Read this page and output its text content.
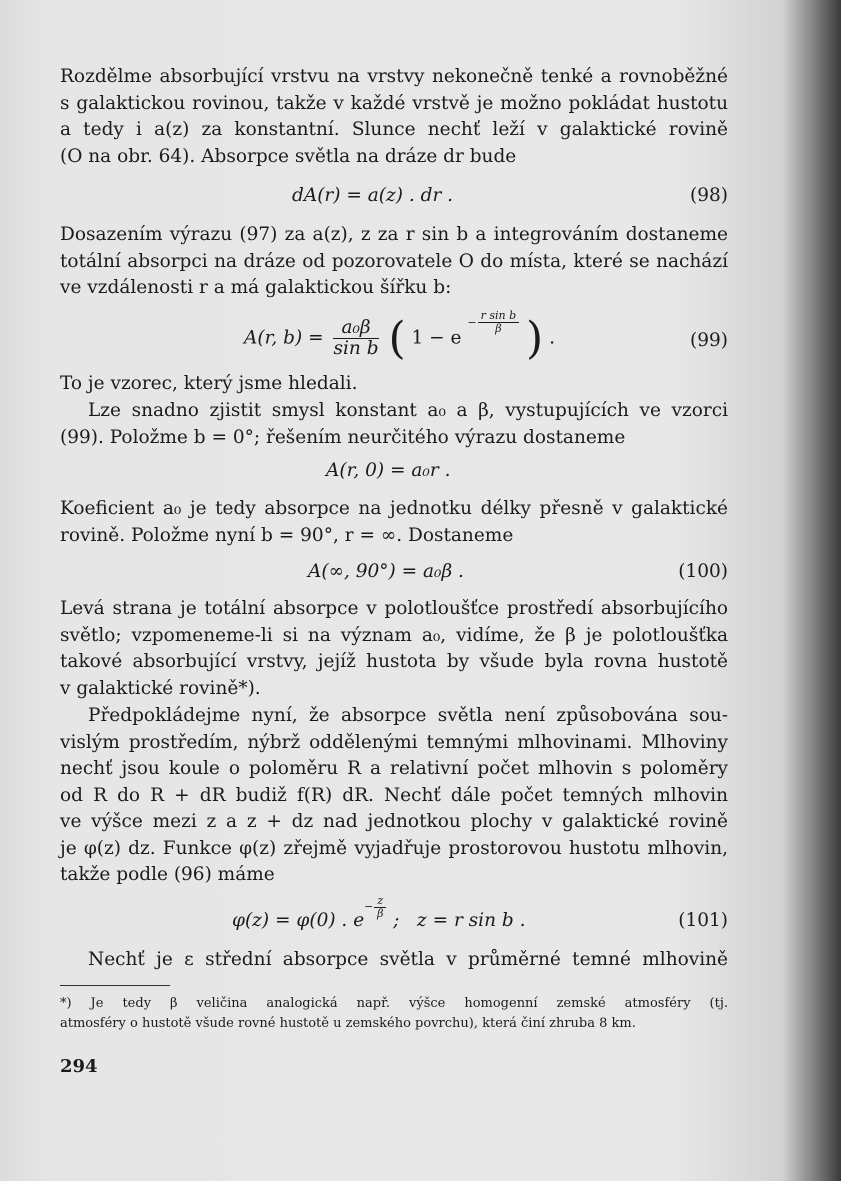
Rozdělme absorbující vrstvu na vrstvy nekonečně tenké a rovnoběžné

s galaktickou rovinou, takže v každé vrstvě je možno pokládat hustotu

a tedy i a(z) za konstantní. Slunce nechť leží v galaktické rovině

(O na obr. 64). Absorpce světla na dráze dr bude

dA(r) = a(z) . dr .	(98)

Dosazením výrazu (97) za a(z), z za r sin b a integrováním dostaneme

totální absorpci na dráze od pozorovatele O do místa, které se nachází

ve vzdálenosti r a má galaktickou šířku b:

A(r, $b) = \frac{\text{a₀β}}{\text{sin b}}$ ( 1 − e $^{- \frac{\text{r sin b}}{\beta}}$ ) .	(99)

To je vzorec, který jsme hledali.

Lze snadno zjistit smysl konstant a₀ a β, vystupujících ve vzorci

(99). Položme b = 0°; řešením neurčitého výrazu dostaneme

A(r, 0) = a₀r .

Koeficient a₀ je tedy absorpce na jednotku délky přesně v galaktické

rovině. Položme nyní b = 90°, r = ∞. Dostaneme

A(∞, 90°) = a₀β .	(100)

Levá strana je totální absorpce v polotloušťce prostředí absorbujícího

světlo; vzpomeneme-li si na význam a₀, vidíme, že β je polotloušťka

takové absorbující vrstvy, jejíž hustota by všude byla rovna hustotě

v galaktické rovině*).

Předpokládejme nyní, že absorpce světla není způsobována sou-

vislým prostředím, nýbrž oddělenými temnými mlhovinami. Mlhoviny

nechť jsou koule o poloměru R a relativní počet mlhovin s poloměry

od R do R + dR budiž f(R) dR. Nechť dále počet temných mlhovin

ve výšce mezi z a z + dz nad jednotkou plochy v galaktické rovině

je φ(z) dz. Funkce φ(z) zřejmě vyjadřuje prostorovou hustotu mlhovin,

takže podle (96) máme

φ(z) = φ(0) . $e^{- \frac{z}{\beta}}$
;   z = r sin b .	(101)

Nechť je ε střední absorpce světla v průměrné temné mlhovině

*) Je tedy β veličina analogická např. výšce homogenní zemské atmosféry (tj.
atmosféry o hustotě všude rovné hustotě u zemského povrchu), která činí zhruba 8 km.
294
